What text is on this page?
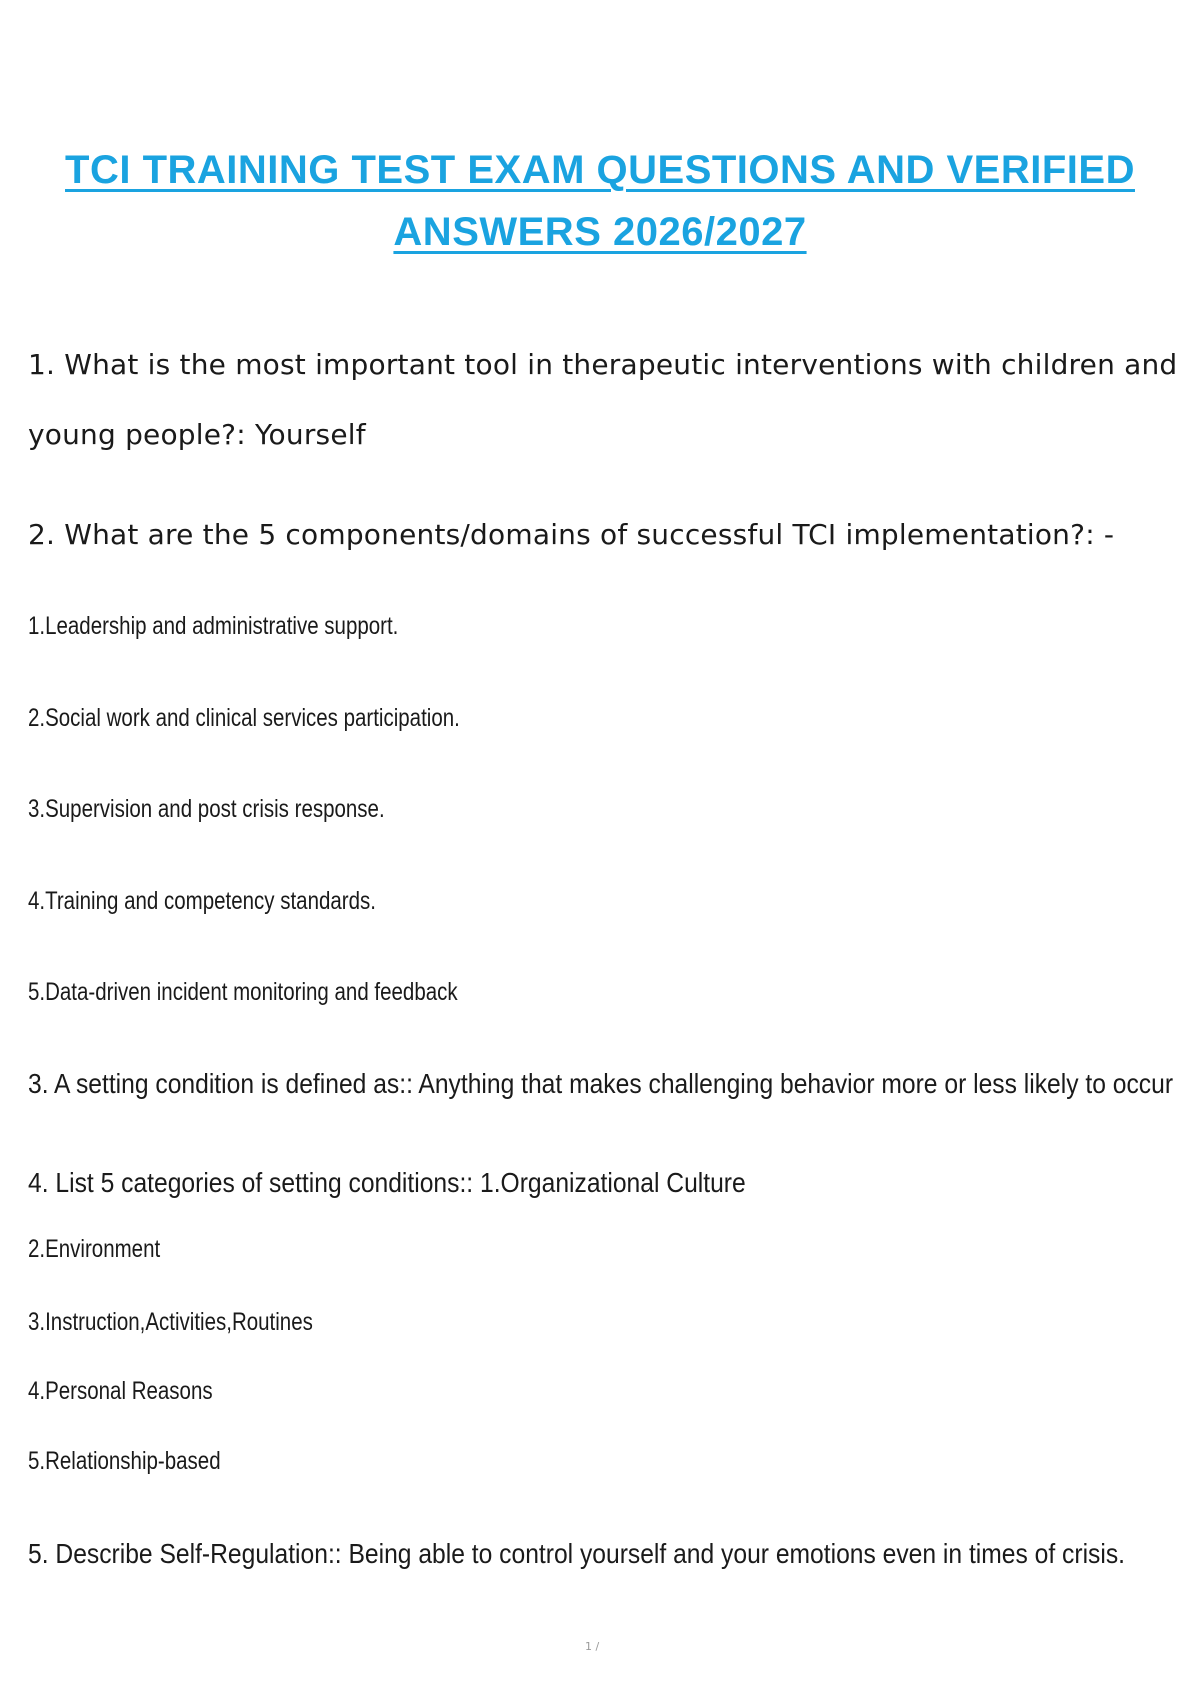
TCI TRAINING TEST EXAM QUESTIONS AND VERIFIED
ANSWERS 2026/2027
1. What is the most important tool in therapeutic interventions with children and
young people?: Yourself
2. What are the 5 components/domains of successful TCI implementation?: -
1.Leadership and administrative support.
2.Social work and clinical services participation.
3.Supervision and post crisis response.
4.Training and competency standards.
5.Data-driven incident monitoring and feedback
3. A setting condition is defined as:: Anything that makes challenging behavior more or less likely to occur
4. List 5 categories of setting conditions:: 1.Organizational Culture
2.Environment
3.Instruction,Activities,Routines
4.Personal Reasons
5.Relationship-based
5. Describe Self-Regulation:: Being able to control yourself and your emotions even in times of crisis.
1 /
